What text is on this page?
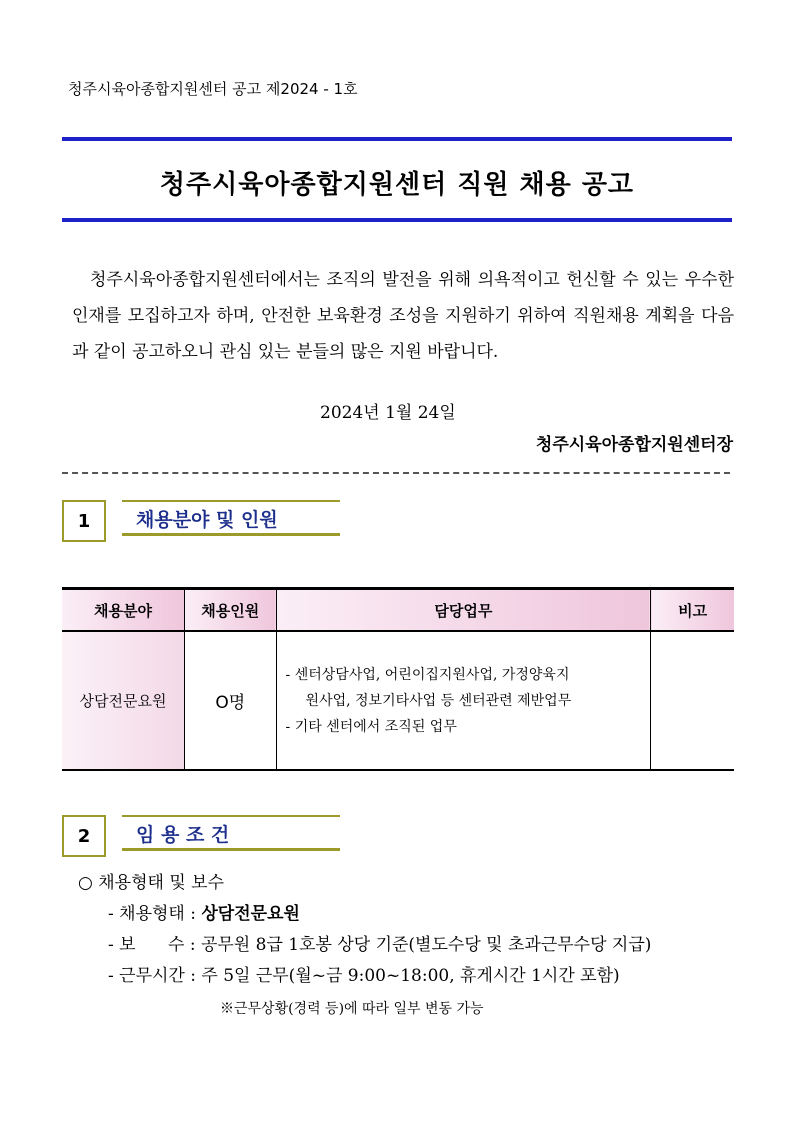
청주시육아종합지원센터 공고 제2024 - 1호
청주시육아종합지원센터 직원 채용 공고

청주시육아종합지원센터에서는 조직의 발전을 위해 의욕적이고 헌신할 수 있는 우수한 인재를 모집하고자 하며, 안전한 보육환경 조성을 지원하기 위하여 직원채용 계획을 다음과 같이 공고하오니 관심 있는 분들의 많은 지원 바랍니다.

2024년 1월 24일
청주시육아종합지원센터장
1	채용분야 및 인원
채용분야	채용인원	담당업무	비고
상담전문요원	O명	- 센터상담사업, 어린이집지원사업, 가정양육지
원사업, 정보기타사업 등 센터관련 제반업무
- 기타 센터에서 조직된 업무	

2	임 용 조 건
○ 채용형태 및 보수
- 채용형태 : 상담전문요원
- 보      수 : 공무원 8급 1호봉 상당 기준(별도수당 및 초과근무수당 지급)
- 근무시간 : 주 5일 근무(월~금 9:00~18:00, 휴게시간 1시간 포함)
※근무상황(경력 등)에 따라 일부 변동 가능
